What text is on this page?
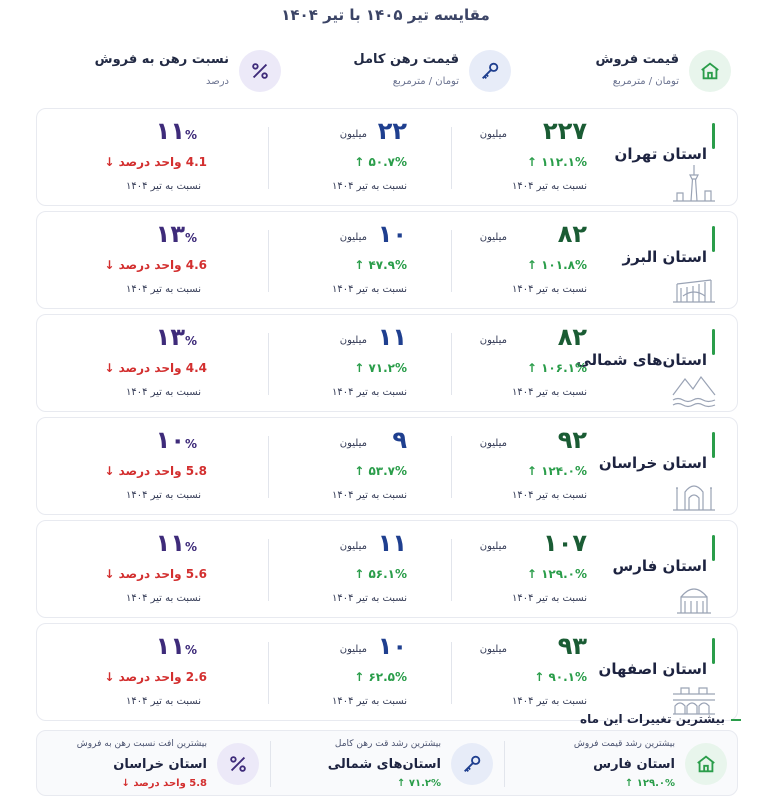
مقایسه تیر ۱۴۰۵ با تیر ۱۴۰۴
قیمت فروش
تومان / مترمربع
قیمت رهن کامل
تومان / مترمربع
نسبت رهن به فروش
درصد
استان تهران
۲۲۷
میلیون
۱۱۲.۱% ↑
نسبت به تیر ۱۴۰۴
۲۲
میلیون
۵۰.۷% ↑
نسبت به تیر ۱۴۰۴
۱۱%
4.1 واحد درصد ↓
نسبت به تیر ۱۴۰۴
استان البرز
۸۲
میلیون
۱۰۱.۸% ↑
نسبت به تیر ۱۴۰۴
۱۰
میلیون
۴۷.۹% ↑
نسبت به تیر ۱۴۰۴
۱۳%
4.6 واحد درصد ↓
نسبت به تیر ۱۴۰۴
استان‌های شمالی
۸۲
میلیون
۱۰۶.۱% ↑
نسبت به تیر ۱۴۰۴
۱۱
میلیون
۷۱.۲% ↑
نسبت به تیر ۱۴۰۴
۱۳%
4.4 واحد درصد ↓
نسبت به تیر ۱۴۰۴
استان خراسان
۹۲
میلیون
۱۲۴.۰% ↑
نسبت به تیر ۱۴۰۴
۹
میلیون
۵۳.۷% ↑
نسبت به تیر ۱۴۰۴
۱۰%
5.8 واحد درصد ↓
نسبت به تیر ۱۴۰۴
استان فارس
۱۰۷
میلیون
۱۲۹.۰% ↑
نسبت به تیر ۱۴۰۴
۱۱
میلیون
۵۶.۱% ↑
نسبت به تیر ۱۴۰۴
۱۱%
5.6 واحد درصد ↓
نسبت به تیر ۱۴۰۴
استان اصفهان
۹۳
میلیون
۹۰.۱% ↑
نسبت به تیر ۱۴۰۴
۱۰
میلیون
۶۲.۵% ↑
نسبت به تیر ۱۴۰۴
۱۱%
2.6 واحد درصد ↓
نسبت به تیر ۱۴۰۴
بیشترین تغییرات این ماه
بیشترین رشد قیمت فروش
استان فارس
۱۲۹.۰% ↑
بیشترین رشد قت رهن کامل
استان‌های شمالی
۷۱.۲% ↑
بیشترین افت نسبت رهن به فروش
استان خراسان
5.8 واحد درصد ↓
